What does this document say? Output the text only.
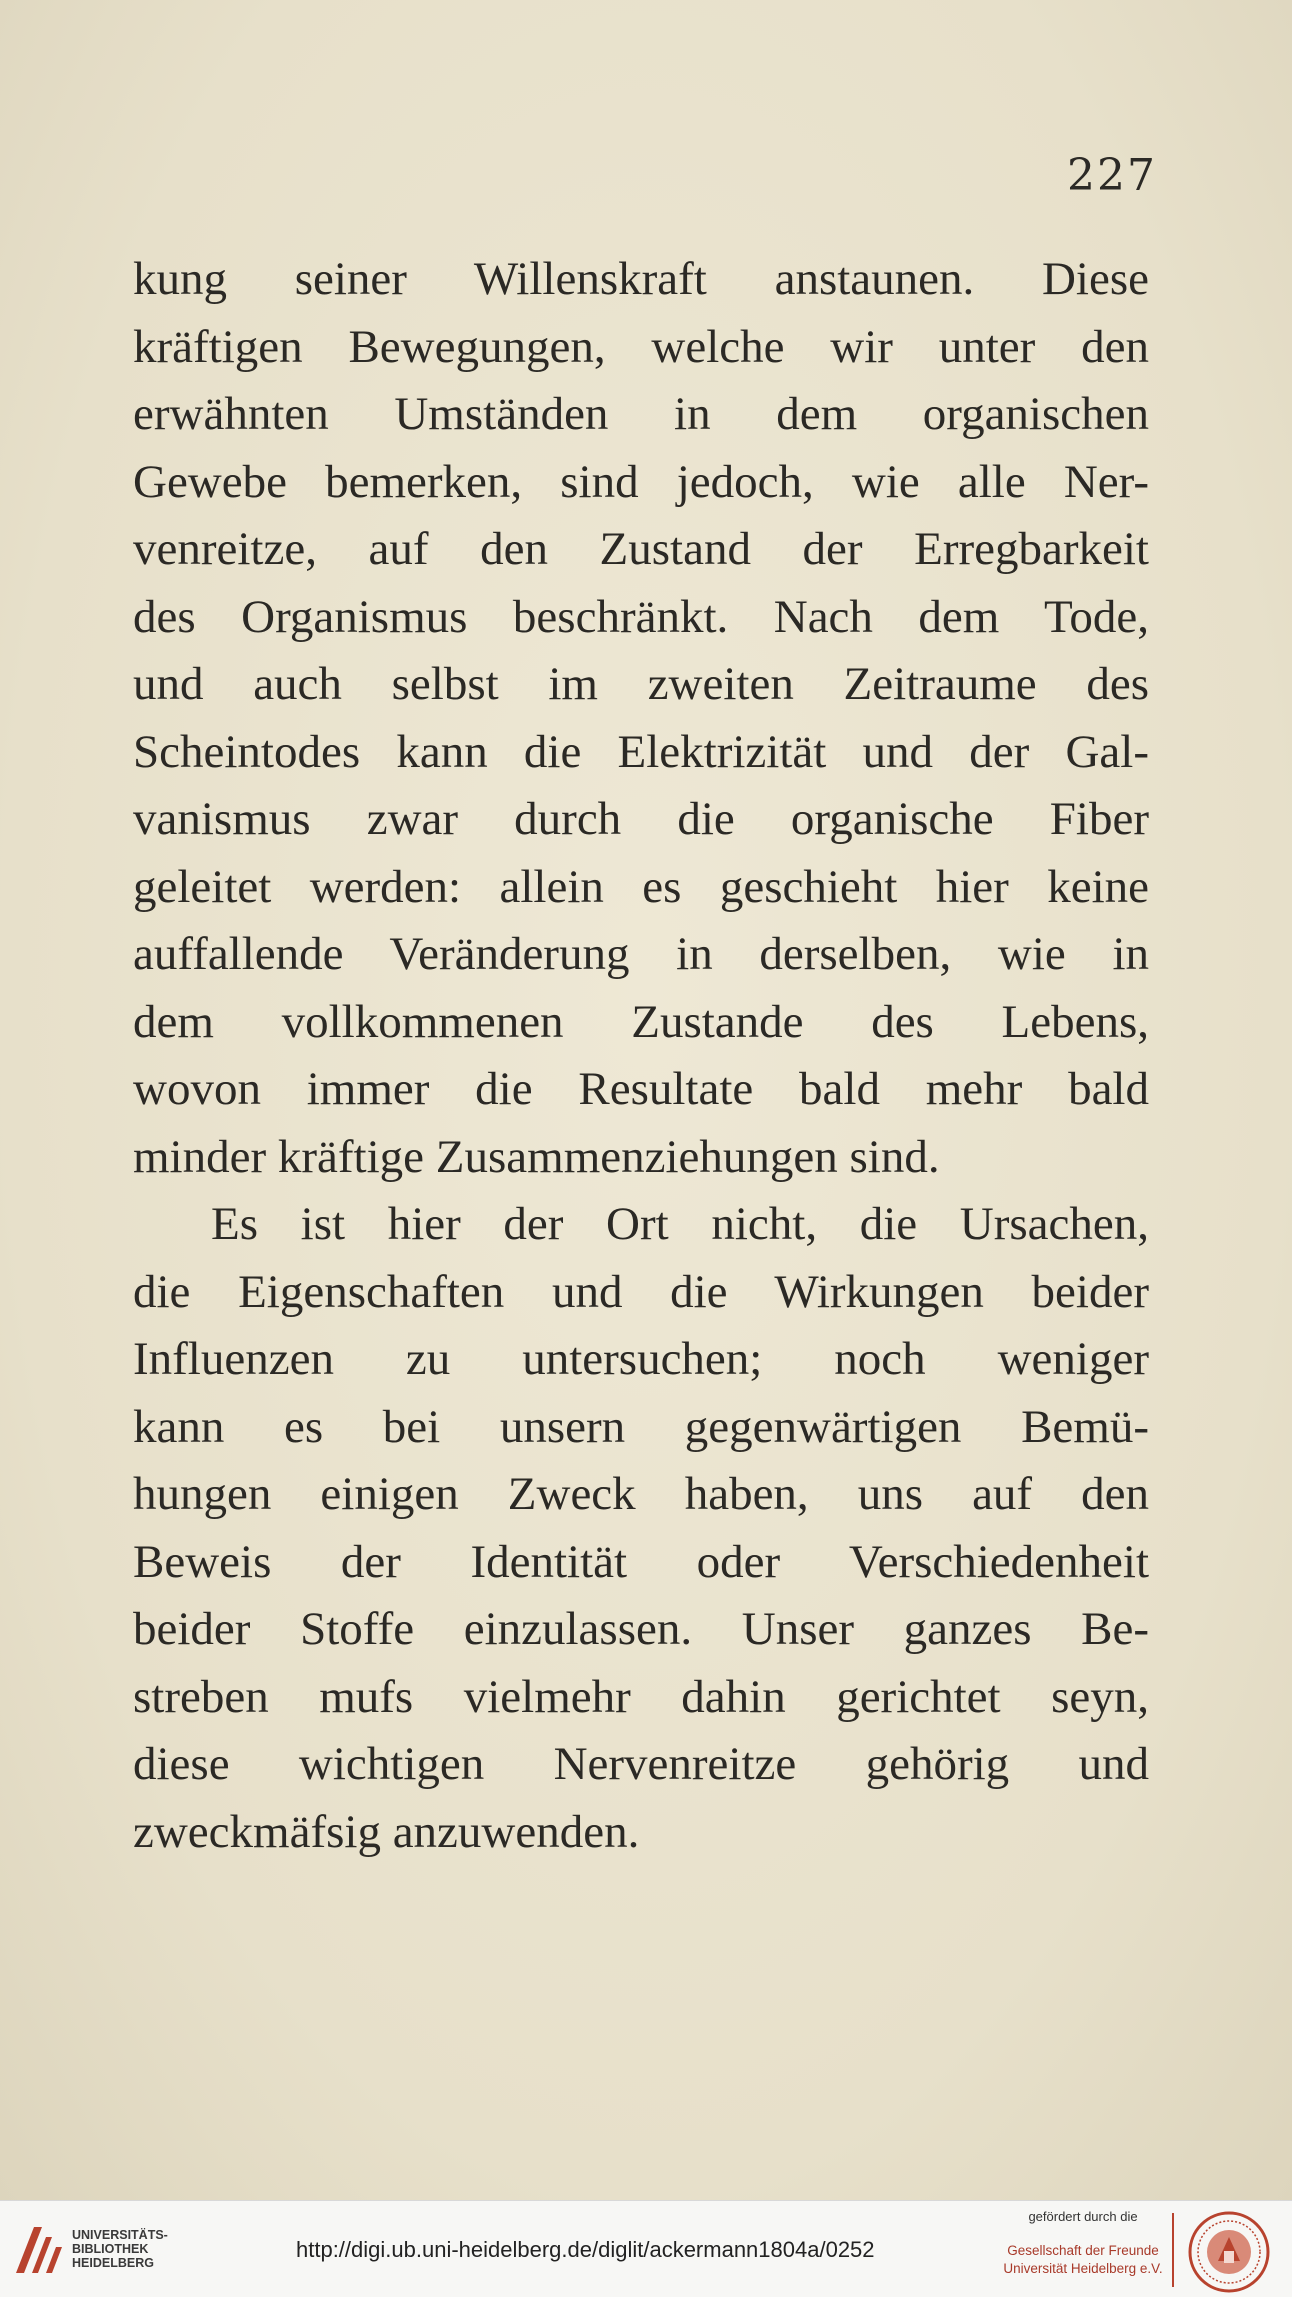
227
kung seiner Willenskraft anstaunen. Diese
kräftigen Bewegungen, welche wir unter den
erwähnten Umständen in dem organischen
Gewebe bemerken, sind jedoch, wie alle Ner-
venreitze, auf den Zustand der Erregbarkeit
des Organismus beschränkt. Nach dem Tode,
und auch selbst im zweiten Zeitraume des
Scheintodes kann die Elektrizität und der Gal-
vanismus zwar durch die organische Fiber
geleitet werden: allein es geschieht hier keine
auffallende Veränderung in derselben, wie in
dem vollkommenen Zustande des Lebens,
wovon immer die Resultate bald mehr bald
minder kräftige Zusammenziehungen sind.
Es ist hier der Ort nicht, die Ursachen,
die Eigenschaften und die Wirkungen beider
Influenzen zu untersuchen; noch weniger
kann es bei unsern gegenwärtigen Bemü-
hungen einigen Zweck haben, uns auf den
Beweis der Identität oder Verschiedenheit
beider Stoffe einzulassen. Unser ganzes Be-
streben mufs vielmehr dahin gerichtet seyn,
diese wichtigen Nervenreitze gehörig und
zweckmäfsig anzuwenden.
UNIVERSITÄTS-
BIBLIOTHEK
HEIDELBERG
http://digi.ub.uni-heidelberg.de/diglit/ackermann1804a/0252
gefördert durch die
Gesellschaft der Freunde
Universität Heidelberg e.V.
